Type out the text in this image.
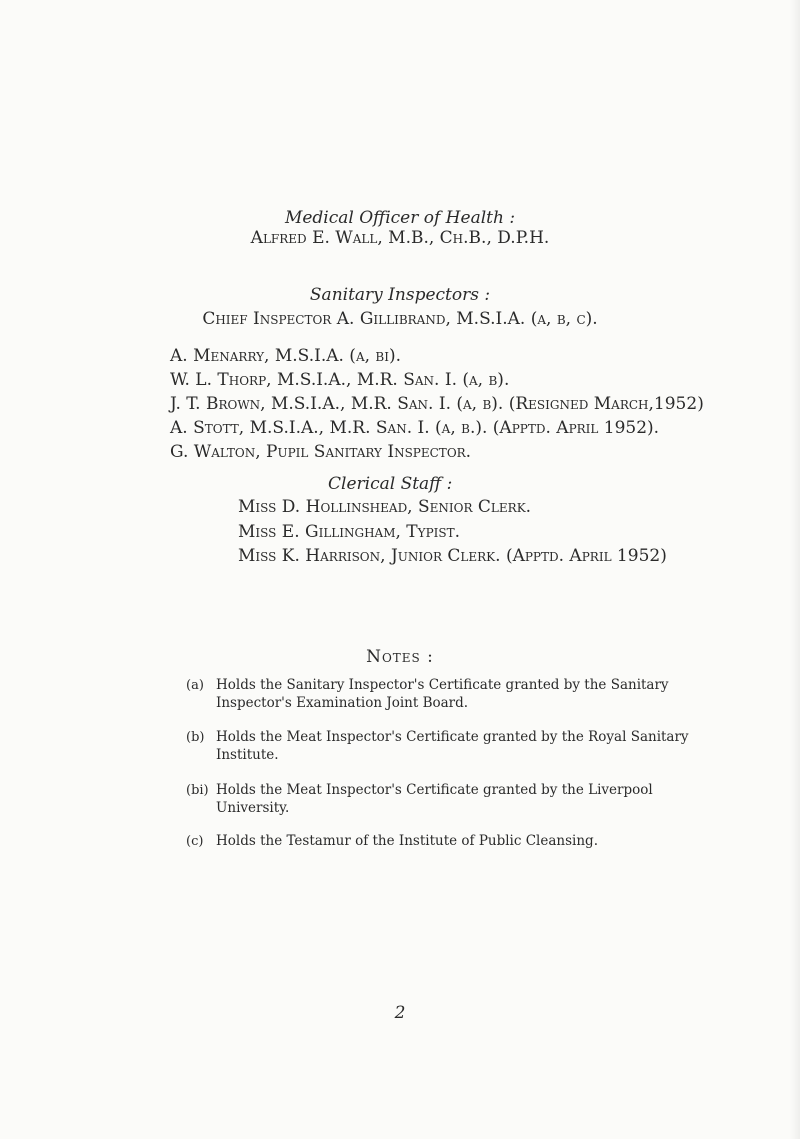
Medical Officer of Health :
Alfred E. Wall, M.B., Ch.B., D.P.H.
Sanitary Inspectors :
Chief Inspector A. Gillibrand, M.S.I.A. (a, b, c).
A. Menarry, M.S.I.A. (a, bi).
W. L. Thorp, M.S.I.A., M.R. San. I. (a, b).
J. T. Brown, M.S.I.A., M.R. San. I. (a, b). (Resigned March,1952)
A. Stott, M.S.I.A., M.R. San. I. (a, b.). (Apptd. April 1952).
G. Walton, Pupil Sanitary Inspector.
Clerical Staff :
Miss D. Hollinshead, Senior Clerk.
Miss E. Gillingham, Typist.
Miss K. Harrison, Junior Clerk. (Apptd. April 1952)
Notes :
(a) Holds the Sanitary Inspector's Certificate granted by the Sanitary Inspector's Examination Joint Board.
(b) Holds the Meat Inspector's Certificate granted by the Royal Sanitary Institute.
(bi) Holds the Meat Inspector's Certificate granted by the Liverpool University.
(c) Holds the Testamur of the Institute of Public Cleansing.
2
